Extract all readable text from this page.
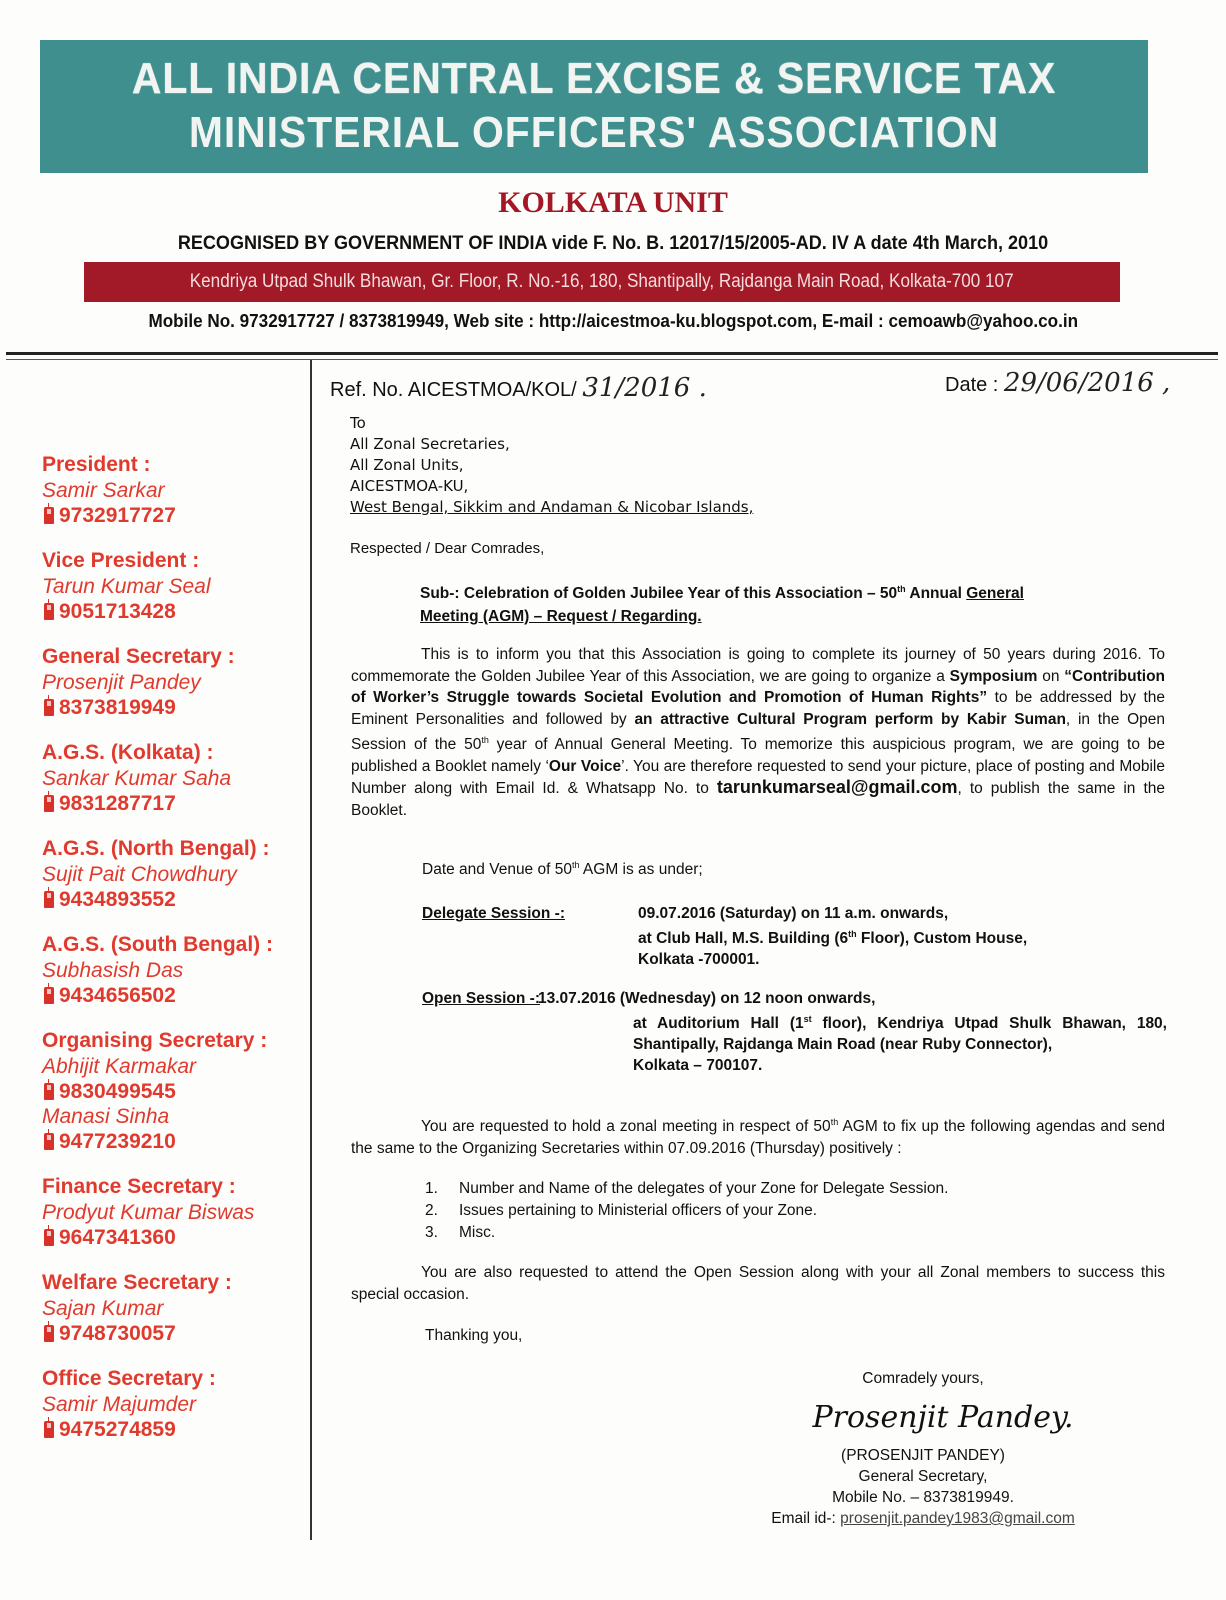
ALL INDIA CENTRAL EXCISE & SERVICE TAX
MINISTERIAL OFFICERS' ASSOCIATION
KOLKATA UNIT
RECOGNISED BY GOVERNMENT OF INDIA vide F. No. B. 12017/15/2005-AD. IV A date 4th March, 2010
Kendriya Utpad Shulk Bhawan, Gr. Floor, R. No.-16, 180, Shantipally, Rajdanga Main Road, Kolkata-700 107
Mobile No. 9732917727 / 8373819949, Web site : http://aicestmoa-ku.blogspot.com, E-mail : cemoawb@yahoo.co.in
President :
Samir Sarkar
9732917727
Vice President :
Tarun Kumar Seal
9051713428
General Secretary :
Prosenjit Pandey
8373819949
A.G.S. (Kolkata) :
Sankar Kumar Saha
9831287717
A.G.S. (North Bengal) :
Sujit Pait Chowdhury
9434893552
A.G.S. (South Bengal) :
Subhasish Das
9434656502
Organising Secretary :
Abhijit Karmakar
9830499545
Manasi Sinha
9477239210
Finance Secretary :
Prodyut Kumar Biswas
9647341360
Welfare Secretary :
Sajan Kumar
9748730057
Office Secretary :
Samir Majumder
9475274859
Ref. No. AICESTMOA/KOL/ 31/2016 .	Date : 29/06/2016 ,
To
All Zonal Secretaries,
All Zonal Units,
AICESTMOA-KU,
West Bengal, Sikkim and Andaman & Nicobar Islands,
Respected / Dear Comrades,
Sub-: Celebration of Golden Jubilee Year of this Association – 50th Annual General
Meeting (AGM) – Request / Regarding.
This is to inform you that this Association is going to complete its journey of 50 years during 2016. To commemorate the Golden Jubilee Year of this Association, we are going to organize a Symposium on “Contribution of Worker’s Struggle towards Societal Evolution and Promotion of Human Rights” to be addressed by the Eminent Personalities and followed by an attractive Cultural Program perform by Kabir Suman, in the Open Session of the 50th year of Annual General Meeting. To memorize this auspicious program, we are going to be published a Booklet namely ‘Our Voice’. You are therefore requested to send your picture, place of posting and Mobile Number along with Email Id. & Whatsapp No. to tarunkumarseal@gmail.com, to publish the same in the Booklet.
Date and Venue of 50th AGM is as under;
Delegate Session -:	09.07.2016 (Saturday) on 11 a.m. onwards,
at Club Hall, M.S. Building (6th Floor), Custom House,
Kolkata -700001.
Open Session -:
13.07.2016 (Wednesday) on 12 noon onwards,
at Auditorium Hall (1st floor), Kendriya Utpad Shulk Bhawan, 180, Shantipally, Rajdanga Main Road (near Ruby Connector),
Kolkata – 700107.
You are requested to hold a zonal meeting in respect of 50th AGM to fix up the following agendas and send the same to the Organizing Secretaries within 07.09.2016 (Thursday) positively :
1. Number and Name of the delegates of your Zone for Delegate Session.
2. Issues pertaining to Ministerial officers of your Zone.
3. Misc.
You are also requested to attend the Open Session along with your all Zonal members to success this special occasion.
Thanking you,
Comradely yours,
Prosenjit Pandey.
(PROSENJIT PANDEY)
General Secretary,
Mobile No. – 8373819949.
Email id-: prosenjit.pandey1983@gmail.com
